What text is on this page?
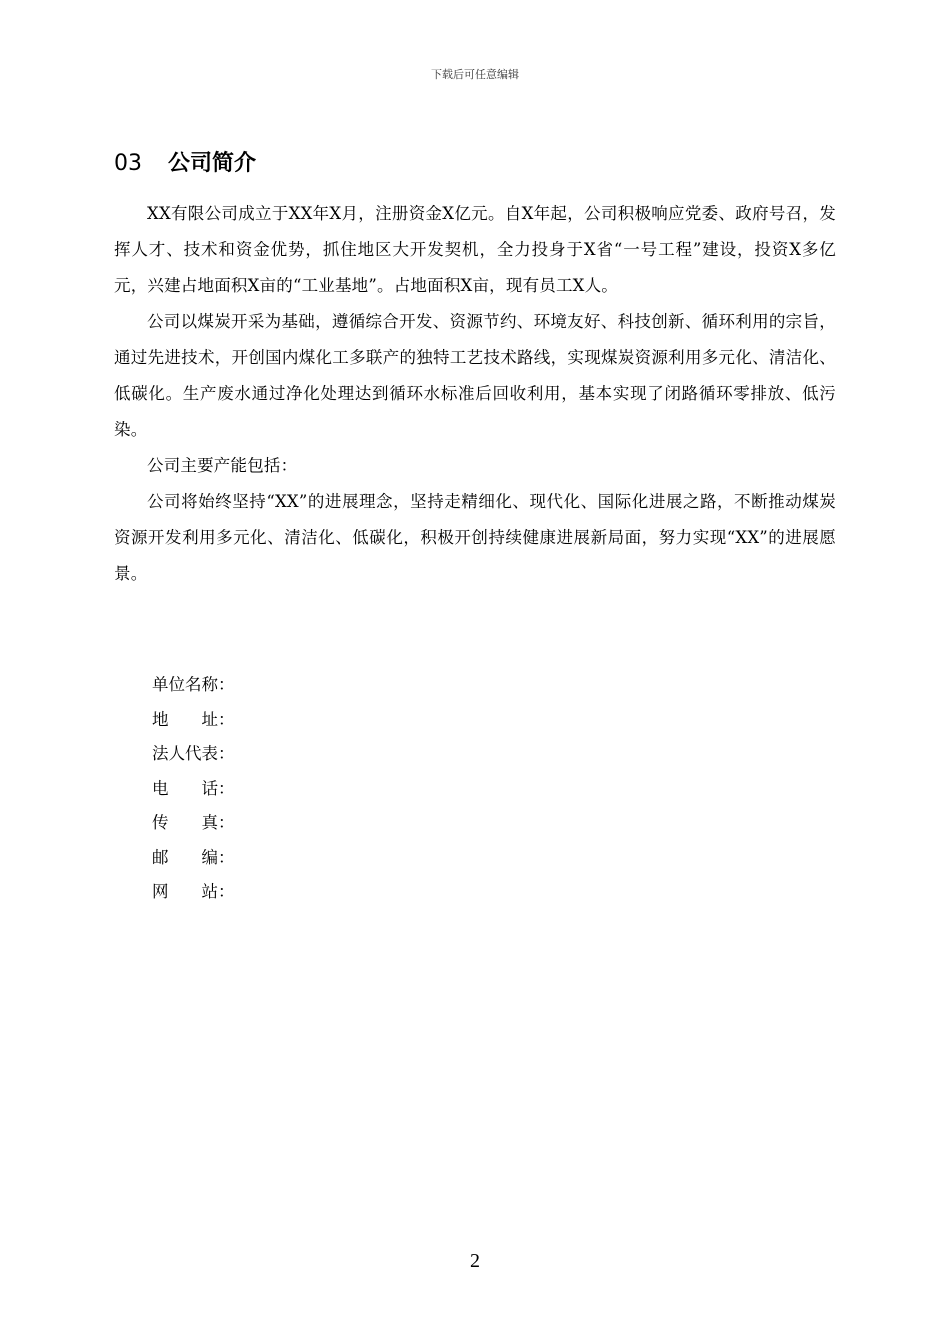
下载后可任意编辑
03 公司简介

XX有限公司成立于XX年X月，注册资金X亿元。自X年起，公司积极响应党委、政府号召，发挥人才、技术和资金优势，抓住地区大开发契机，全力投身于X省“一号工程”建设，投资X多亿元，兴建占地面积X亩的“工业基地”。占地面积X亩，现有员工X人。

公司以煤炭开采为基础，遵循综合开发、资源节约、环境友好、科技创新、循环利用的宗旨，通过先进技术，开创国内煤化工多联产的独特工艺技术路线，实现煤炭资源利用多元化、清洁化、低碳化。生产废水通过净化处理达到循环水标准后回收利用，基本实现了闭路循环零排放、低污染。

公司主要产能包括：

公司将始终坚持“XX”的进展理念，坚持走精细化、现代化、国际化进展之路，不断推动煤炭资源开发利用多元化、清洁化、低碳化，积极开创持续健康进展新局面，努力实现“XX”的进展愿景。

单位名称：
地　　址：
法人代表：
电　　话：
传　　真：
邮　　编：
网　　站：
2
